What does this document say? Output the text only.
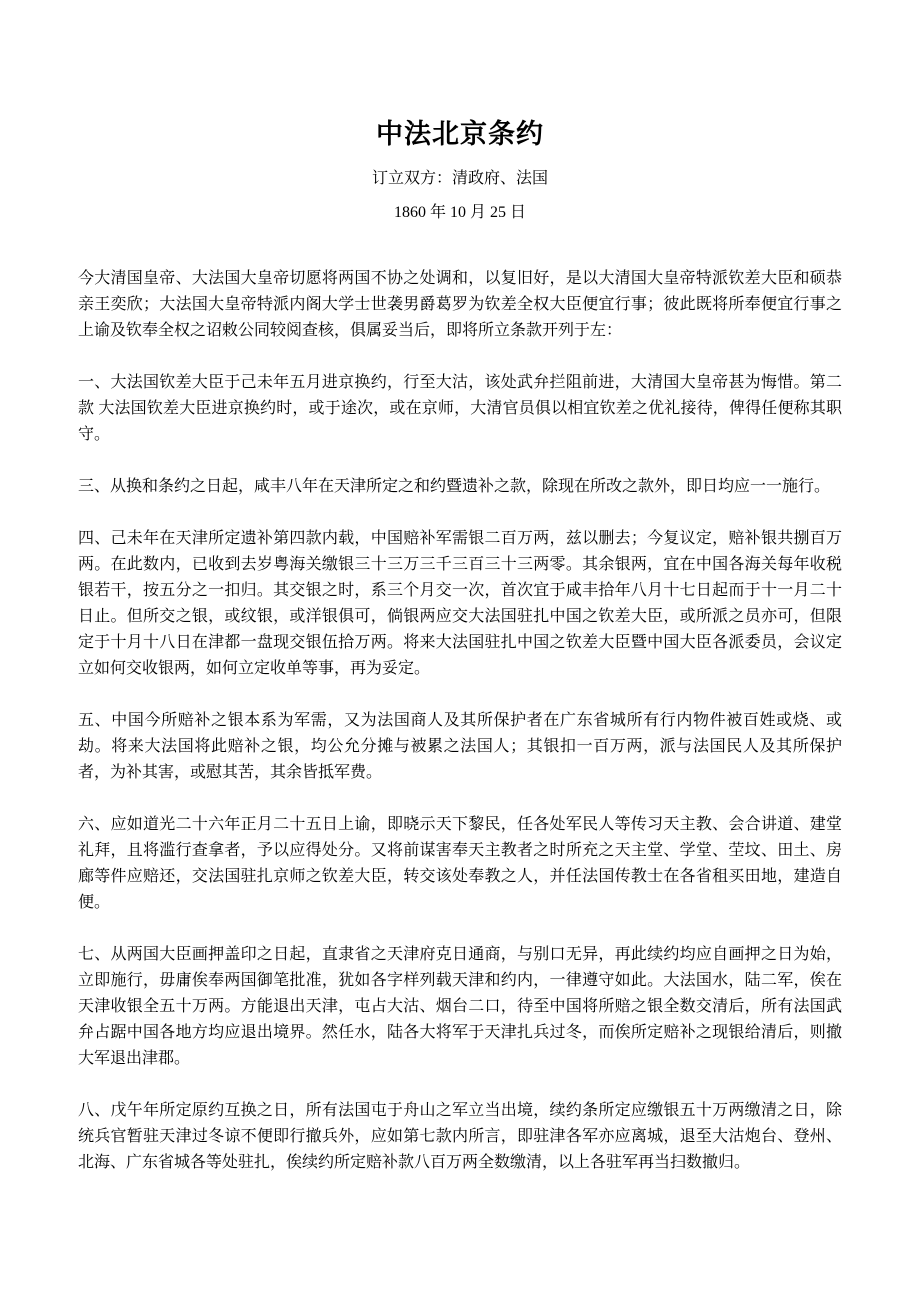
中法北京条约

订立双方：清政府、法国

1860 年 10 月 25 日

今大清国皇帝、大法国大皇帝切愿将两国不协之处调和，以复旧好，是以大清国大皇帝特派钦差大臣和硕恭亲王奕欣；大法国大皇帝特派内阁大学士世袭男爵葛罗为钦差全权大臣便宜行事；彼此既将所奉便宜行事之上谕及钦奉全权之诏敕公同较阅查核，俱属妥当后，即将所立条款开列于左：

一、大法国钦差大臣于己未年五月进京换约，行至大沽，该处武弁拦阻前进，大清国大皇帝甚为悔惜。第二款 大法国钦差大臣进京换约时，或于途次，或在京师，大清官员俱以相宜钦差之优礼接待，俾得任便称其职守。

三、从换和条约之日起，咸丰八年在天津所定之和约暨遗补之款，除现在所改之款外，即日均应一一施行。

四、己未年在天津所定遗补第四款内载，中国赔补军需银二百万两，兹以删去；今复议定，赔补银共捌百万两。在此数内，已收到去岁粤海关缴银三十三万三千三百三十三两零。其余银两，宜在中国各海关每年收税银若干，按五分之一扣归。其交银之时，系三个月交一次，首次宜于咸丰拾年八月十七日起而于十一月二十日止。但所交之银，或纹银，或洋银俱可，倘银两应交大法国驻扎中国之钦差大臣，或所派之员亦可，但限定于十月十八日在津都一盘现交银伍拾万两。将来大法国驻扎中国之钦差大臣暨中国大臣各派委员，会议定立如何交收银两，如何立定收单等事，再为妥定。

五、中国今所赔补之银本系为军需，又为法国商人及其所保护者在广东省城所有行内物件被百姓或烧、或劫。将来大法国将此赔补之银，均公允分摊与被累之法国人；其银扣一百万两，派与法国民人及其所保护者，为补其害，或慰其苦，其余皆抵军费。

六、应如道光二十六年正月二十五日上谕，即晓示天下黎民，任各处军民人等传习天主教、会合讲道、建堂礼拜，且将滥行查拿者，予以应得处分。又将前谋害奉天主教者之时所充之天主堂、学堂、茔坟、田土、房廊等件应赔还，交法国驻扎京师之钦差大臣，转交该处奉教之人，并任法国传教士在各省租买田地，建造自便。

七、从两国大臣画押盖印之日起，直隶省之天津府克日通商，与别口无异，再此续约均应自画押之日为始，立即施行，毋庸俟奉两国御笔批准，犹如各字样列载天津和约内，一律遵守如此。大法国水，陆二军，俟在天津收银全五十万两。方能退出天津，屯占大沽、烟台二口，待至中国将所赔之银全数交清后，所有法国武弁占踞中国各地方均应退出境界。然任水，陆各大将军于天津扎兵过冬，而俟所定赔补之现银给清后，则撤大军退出津郡。

八、戊午年所定原约互换之日，所有法国屯于舟山之军立当出境，续约条所定应缴银五十万两缴清之日，除统兵官暂驻天津过冬谅不便即行撤兵外，应如第七款内所言，即驻津各军亦应离城，退至大沽炮台、登州、北海、广东省城各等处驻扎，俟续约所定赔补款八百万两全数缴清，以上各驻军再当扫数撤归。
